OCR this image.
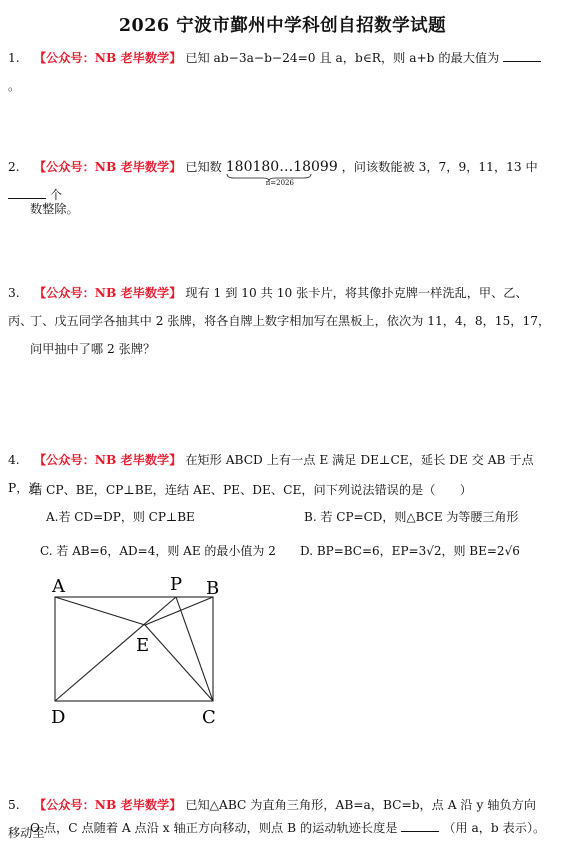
2026 宁波市鄞州中学科创自招数学试题
1. 【公众号：NB 老毕数学】 已知 ab−3a−b−24=0 且 a，b∈R，则 a+b 的最大值为  。
2. 【公众号：NB 老毕数学】 已知数 180180…18099
n=2026
，问该数能被 3，7，9，11，13 中  个
数整除。
3. 【公众号：NB 老毕数学】 现有 1 到 10 共 10 张卡片，将其像扑克牌一样洗乱，甲、乙、丙、
丁、戊五同学各抽其中 2 张牌，将各自牌上数字相加写在黑板上，依次为 11，4，8，15，17，
问甲抽中了哪 2 张牌？
4. 【公众号：NB 老毕数学】 在矩形 ABCD 上有一点 E 满足 DE⊥CE，延长 DE 交 AB 于点 P，连
结 CP、BE，CP⊥BE，连结 AE、PE、DE、CE，问下列说法错误的是（　　）
A.若 CD=DP，则 CP⊥BE	B. 若 CP=CD，则△BCE 为等腰三角形
C. 若 AB=6，AD=4，则 AE 的最小值为 2 D. BP=BC=6，EP=3√2，则 BE=2√6
A	P B
E
D	C
5. 【公众号：NB 老毕数学】 已知△ABC 为直角三角形，AB=a，BC=b，点 A 沿 y 轴负方向移动至
O 点，C 点随着 A 点沿 x 轴正方向移动，则点 B 的运动轨迹长度是	（用 a，b 表示）。
